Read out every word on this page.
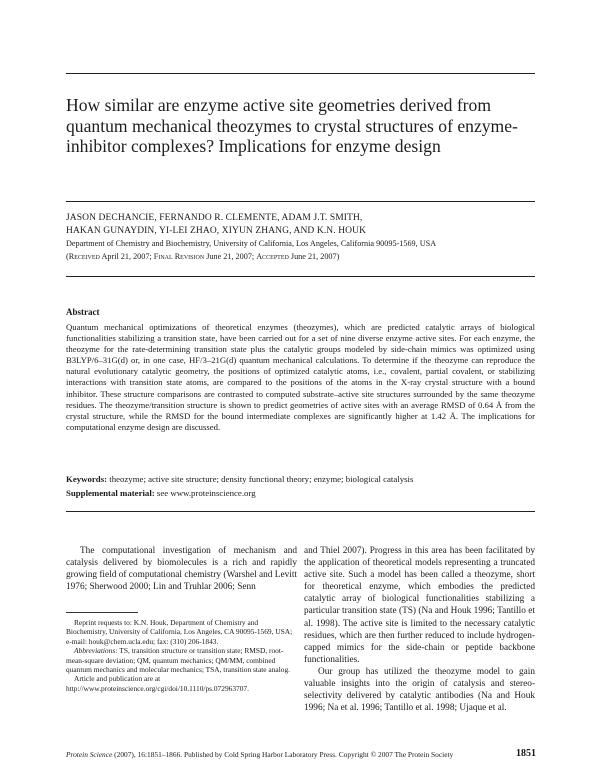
How similar are enzyme active site geometries derived from quantum mechanical theozymes to crystal structures of enzyme-inhibitor complexes? Implications for enzyme design
JASON DECHANCIE, FERNANDO R. CLEMENTE, ADAM J.T. SMITH,
HAKAN GUNAYDIN, YI-LEI ZHAO, XIYUN ZHANG, AND K.N. HOUK
Department of Chemistry and Biochemistry, University of California, Los Angeles, California 90095-1569, USA
(Received April 21, 2007; Final Revision June 21, 2007; Accepted June 21, 2007)
Abstract
Quantum mechanical optimizations of theoretical enzymes (theozymes), which are predicted catalytic arrays of biological functionalities stabilizing a transition state, have been carried out for a set of nine diverse enzyme active sites. For each enzyme, the theozyme for the rate-determining transition state plus the catalytic groups modeled by side-chain mimics was optimized using B3LYP/6–31G(d) or, in one case, HF/3–21G(d) quantum mechanical calculations. To determine if the theozyme can reproduce the natural evolutionary catalytic geometry, the positions of optimized catalytic atoms, i.e., covalent, partial covalent, or stabilizing interactions with transition state atoms, are compared to the positions of the atoms in the X-ray crystal structure with a bound inhibitor. These structure comparisons are contrasted to computed substrate–active site structures surrounded by the same theozyme residues. The theozyme/transition structure is shown to predict geometries of active sites with an average RMSD of 0.64 Å from the crystal structure, while the RMSD for the bound intermediate complexes are significantly higher at 1.42 Å. The implications for computational enzyme design are discussed.
Keywords: theozyme; active site structure; density functional theory; enzyme; biological catalysis
Supplemental material: see www.proteinscience.org

The computational investigation of mechanism and catalysis delivered by biomolecules is a rich and rapidly growing field of computational chemistry (Warshel and Levitt 1976; Sherwood 2000; Lin and Truhlar 2006; Senn

and Thiel 2007). Progress in this area has been facilitated by the application of theoretical models representing a truncated active site. Such a model has been called a theozyme, short for theoretical enzyme, which embodies the predicted catalytic array of biological functionalities stabilizing a particular transition state (TS) (Na and Houk 1996; Tantillo et al. 1998). The active site is limited to the necessary catalytic residues, which are then further reduced to include hydrogen-capped mimics for the side-chain or peptide backbone functionalities.

Our group has utilized the theozyme model to gain valuable insights into the origin of catalysis and stereo-selectivity delivered by catalytic antibodies (Na and Houk 1996; Na et al. 1996; Tantillo et al. 1998; Ujaque et al.

Reprint requests to: K.N. Houk, Department of Chemistry and Biochemistry, University of California, Los Angeles, CA 90095-1569, USA; e-mail: houk@chem.ucla.edu; fax: (310) 206-1843.

Abbreviations: TS, transition structure or transition state; RMSD, root-mean-square deviation; QM, quantum mechanics; QM/MM, combined quantum mechanics and molecular mechanics; TSA, transition state analog.

Article and publication are at http://www.proteinscience.org/cgi/doi/10.1110/ps.072963707.

Protein Science (2007), 16:1851–1866. Published by Cold Spring Harbor Laboratory Press. Copyright © 2007 The Protein Society	1851
